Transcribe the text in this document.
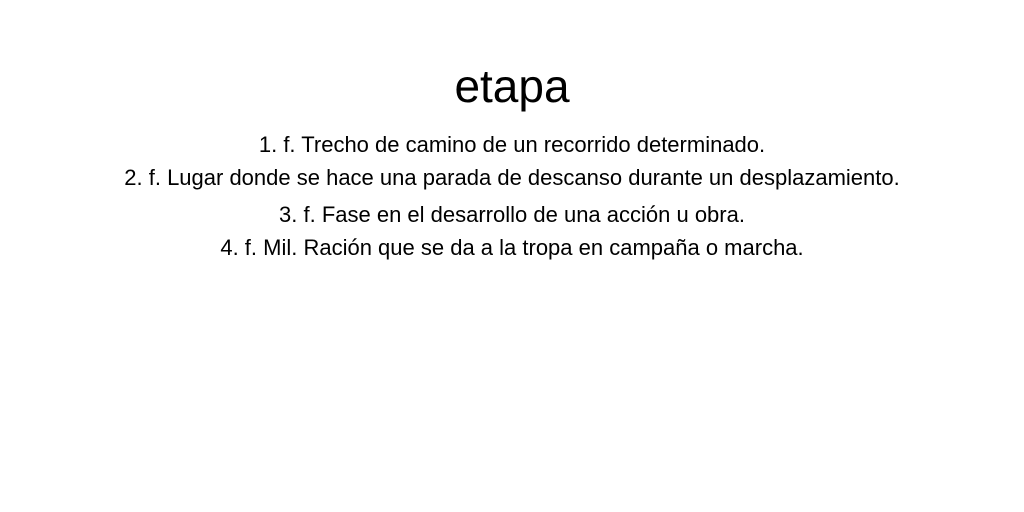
etapa
1. f. Trecho de camino de un recorrido determinado.
2. f. Lugar donde se hace una parada de descanso durante un desplazamiento.
3. f. Fase en el desarrollo de una acción u obra.
4. f. Mil. Ración que se da a la tropa en campaña o marcha.
